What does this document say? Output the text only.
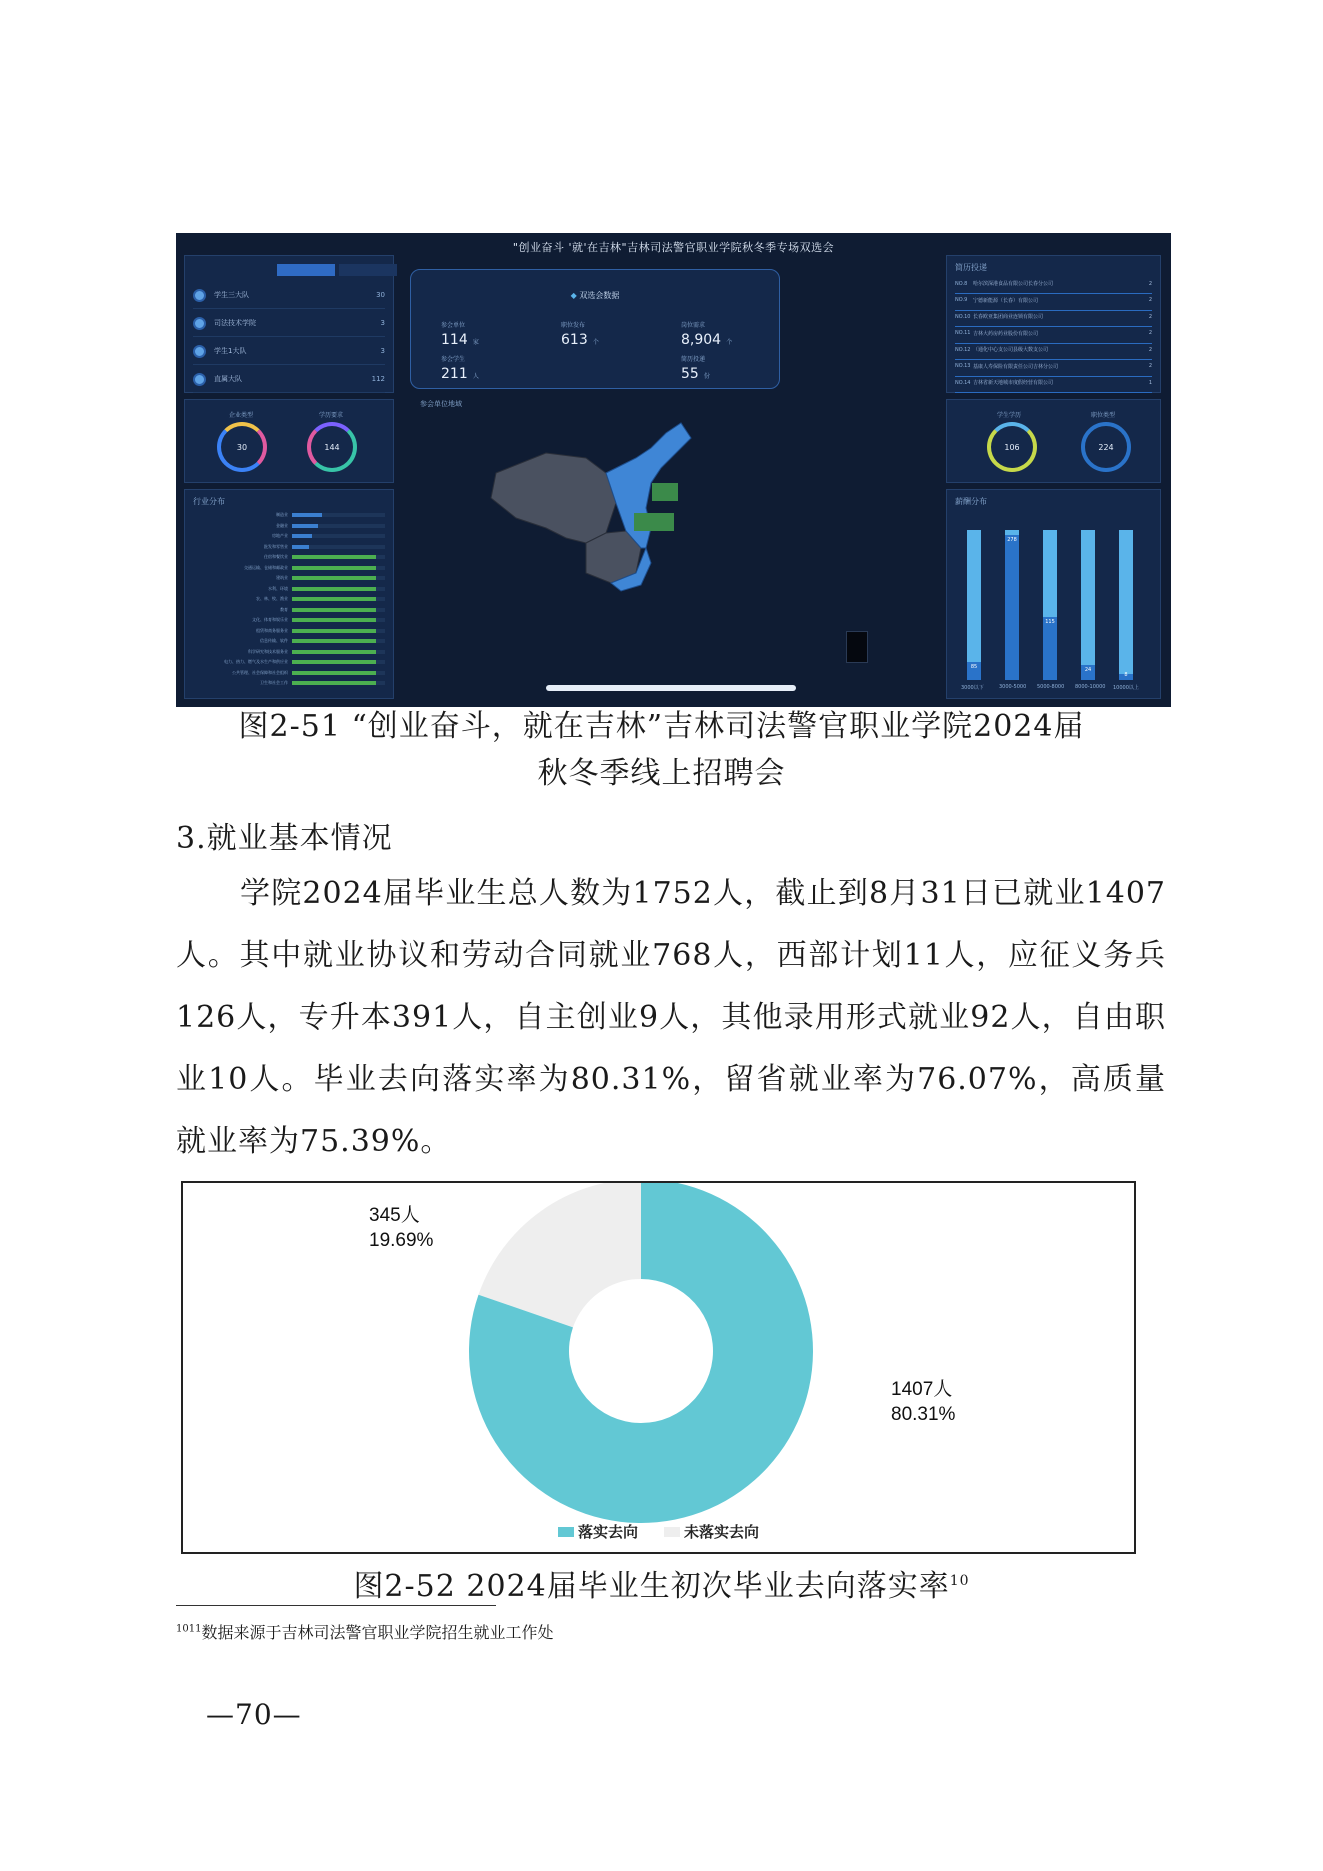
"创业奋斗 '就'在吉林"吉林司法警官职业学院秋冬季专场双选会
学生三大队	30
司法技术学院	3
学生1大队	3
直属大队	112
企业类型
30
学历要求
144
行业分布
制造业
金融业
房地产业
批发和零售业
住宿和餐饮业
交通运输、仓储和邮政业
建筑业
水利、环境
农、林、牧、渔业
教育
文化、体育和娱乐业
租赁和商务服务业
信息传输、软件
科学研究和技术服务业
电力、热力、燃气及水生产和供应业
公共管理、社会保障和社会组织
卫生和社会工作
◆ 双选会数据
参会单位
114 家
职位发布
613 个
岗位需求
8,904 个
参会学生
211 人
简历投递
55 份
参会单位地域
简历投递
NO.8	哈尔滨深港食品有限公司长春分公司	2
NO.9	宁德新能源（长春）有限公司	2
NO.10 长春欧亚集团商业连锁有限公司	2
NO.11 吉林大药房药业股份有限公司	2
NO.12 （通化中心支公司县级大数支公司	2
NO.13 基康人寿保险有限责任公司吉林分公司	2
NO.14 吉林省新天地城市度假经营有限公司	1
学生学历
106
职位类型
224
薪酬分布
85
3000以下
278
3000-5000
115
5000-8000
24
8000-10000
8
10000以上
图2-51 “创业奋斗，就在吉林”吉林司法警官职业学院2024届
秋冬季线上招聘会
3.就业基本情况
学院2024届毕业生总人数为1752人，截止到8月31日已就业1407人。其中就业协议和劳动合同就业768人，西部计划11人，应征义务兵126人，专升本391人，自主创业9人，其他录用形式就业92人，自由职业10人。毕业去向落实率为80.31%，留省就业率为76.07%，高质量就业率为75.39%。
345人
19.69%
1407人
80.31%
落实去向	未落实去向
图2-52 2024届毕业生初次毕业去向落实率$^{10}$
$^{1011}$数据来源于吉林司法警官职业学院招生就业工作处
—70—
